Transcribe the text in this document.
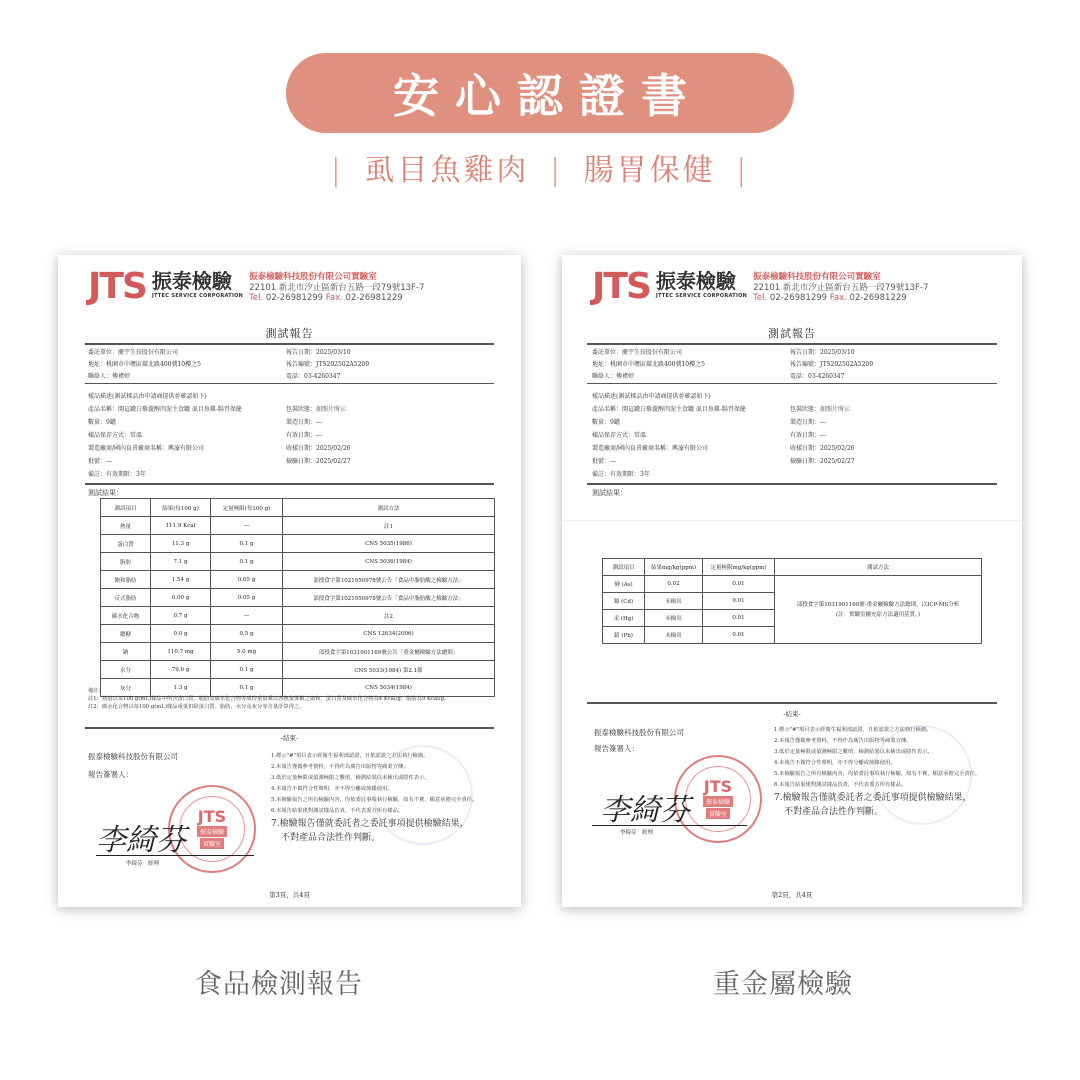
安心認證書
| 虱目魚雞肉 | 腸胃保健 |
JTS 振泰檢驗
JTTEC SERVICE CORPORATION
振泰檢驗科技股份有限公司實驗室
22101 新北市汐止區新台五路一段79號13F-7
Tel. 02-26981299 Fax. 02-26981229
測試報告
委託單位：慶宇生技股份有限公司
地址：桃園市中壢區環北路400號10樓之5
聯絡人：傅禕婷
報告日期：2025/03/10
報告編號：JTS202502A5209
電話：03-4260347
樣品描述(測試樣品由申請商提供並確認如下)
產品名稱：開這罐白藜蘆醇肉泥主食罐 虱目魚雞-腸胃保健
數量：9罐
樣品保存方式：常溫
製造廠商/國內負責廠商名稱：興濠有限公司
批號：---
備註：有效期限：3年
包裝狀態：如照片所示
製造日期：---
有效日期：---
收樣日期：2025/02/26
檢驗日期：2025/02/27
測試結果：
測試項目	結果(每100 g)	定量極限(每100 g)	測試方法
熱量	111.9 Kcal	---	註1
蛋白質	11.3 g	0.1 g	CNS 5035(1986)
脂肪	7.1 g	0.1 g	CNS 5036(1984)
飽和脂肪	1.54 g	0.05 g	部授食字第1021950978號公告「食品中脂肪酸之檢驗方法」
反式脂肪	0.00 g	0.05 g	部授食字第1021950978號公告「食品中脂肪酸之檢驗方法」
碳水化合物	0.7 g	---	註2
總糖	0.0 g	0.5 g	CNS 12634(2006)
鈉	110.7 mg	5.0 mg	部授食字第1031901169號公告「重金屬檢驗方法總則」
水分	79.6 g	0.1 g	CNS 5033(1984) 第2.1節
灰分	1.3 g	0.1 g	CNS 5034(1984)
備註:
註1：熱量以每100 g(mL)樣品中所含蛋白質、脂肪及碳水化合物等成份重量乘以各熱量係數之總和，蛋白質及碳水化合物為4 Kcal/g；脂肪為9 Kcal/g。
註2：碳水化合物以每100 g(mL)樣品重量扣除蛋白質、脂肪、水分及灰分等含量計算得之。
-結束-
振泰檢驗科技股份有限公司
報告簽署人：
JTS
振泰檢驗
實驗室
李綺芬
李綺芬　經理
1.標示"#"項目表示經衛生福利部認證，且依認證之方法執行檢測。
2.本報告僅做參考資料，不得作為廣告出版物等商業宣傳。
3.低於定量極限或偵測極限之數值，檢測結果以未檢出或陰性表示。
4.本報告不做符合性聲明，亦不得分離或節錄使用。
5.本檢驗報告之所有檢驗內容，均依委託事項執行檢驗，如有不實，願意承擔完全責任。
6.本報告結果僅對測試樣品負責，不代表委方所有樣品。
7.檢驗報告僅就委託者之委託事項提供檢驗結果，
不對產品合法性作判斷。
第3頁，共4頁
JTS 振泰檢驗
JTTEC SERVICE CORPORATION
振泰檢驗科技股份有限公司實驗室
22101 新北市汐止區新台五路一段79號13F-7
Tel. 02-26981299 Fax. 02-26981229
測試報告
委託單位：慶宇生技股份有限公司
地址：桃園市中壢區環北路400號10樓之5
聯絡人：傅禕婷
報告日期：2025/03/10
報告編號：JTS202502A5209
電話：03-4260347
樣品描述(測試樣品由申請商提供並確認如下)
產品名稱：開這罐白藜蘆醇肉泥主食罐 虱目魚雞-腸胃保健
數量：9罐
樣品保存方式：常溫
製造廠商/國內負責廠商名稱：興濠有限公司
批號：---
備註：有效期限：3年
包裝狀態：如照片所示
製造日期：---
有效日期：---
收樣日期：2025/02/26
檢驗日期：2025/02/27
測試結果：
測試項目	結果mg/kg(ppm)	定量極限mg/kg(ppm)	測試方法
砷 (As)	0.02	0.01	部授食字第1031901160號-重金屬檢驗方法總則，以ICP-MS分析
(註：實驗室擴充原方法適用基質。)

鎘 (Cd)	未檢出	0.01	
汞 (Hg)	未檢出	0.01	
鉛 (Pb)	未檢出	0.01	
-結束-
振泰檢驗科技股份有限公司
報告簽署人：
JTS
振泰檢驗
實驗室
李綺芬
李綺芬　經理
1.標示"#"項目表示經衛生福利部認證，且依認證之方法執行檢測。
2.本報告僅做參考資料，不得作為廣告出版物等商業宣傳。
3.低於定量極限或偵測極限之數值，檢測結果以未檢出或陰性表示。
4.本報告不做符合性聲明，亦不得分離或節錄使用。
5.本檢驗報告之所有檢驗內容，均依委託事項執行檢驗，如有不實，願意承擔完全責任。
6.本報告結果僅對測試樣品負責，不代表委方所有樣品。
7.檢驗報告僅就委託者之委託事項提供檢驗結果，
不對產品合法性作判斷。
第2頁，共4頁
食品檢測報告	重金屬檢驗
